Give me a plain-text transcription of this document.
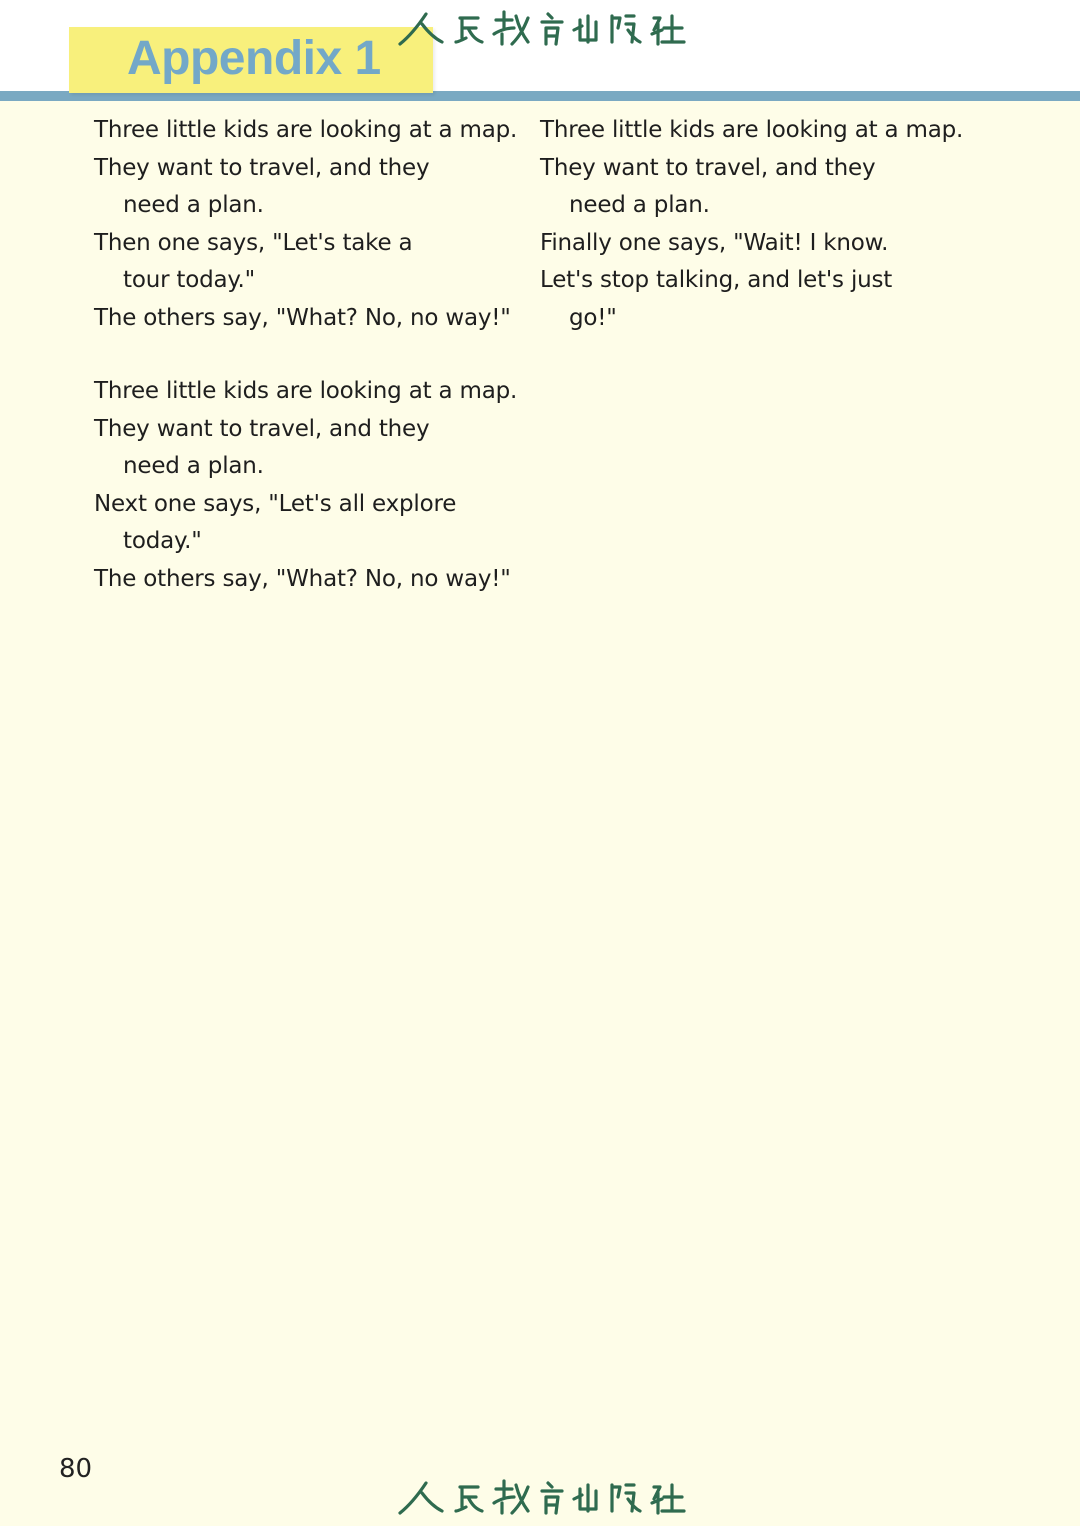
Appendix 1
Three little kids are looking at a map.
They want to travel, and they
need a plan.
Then one says, "Let's take a
tour today."
The others say, "What? No, no way!"
Three little kids are looking at a map.
They want to travel, and they
need a plan.
Next one says, "Let's all explore
today."
The others say, "What? No, no way!"
Three little kids are looking at a map.
They want to travel, and they
need a plan.
Finally one says, "Wait! I know.
Let's stop talking, and let's just
go!"
80
